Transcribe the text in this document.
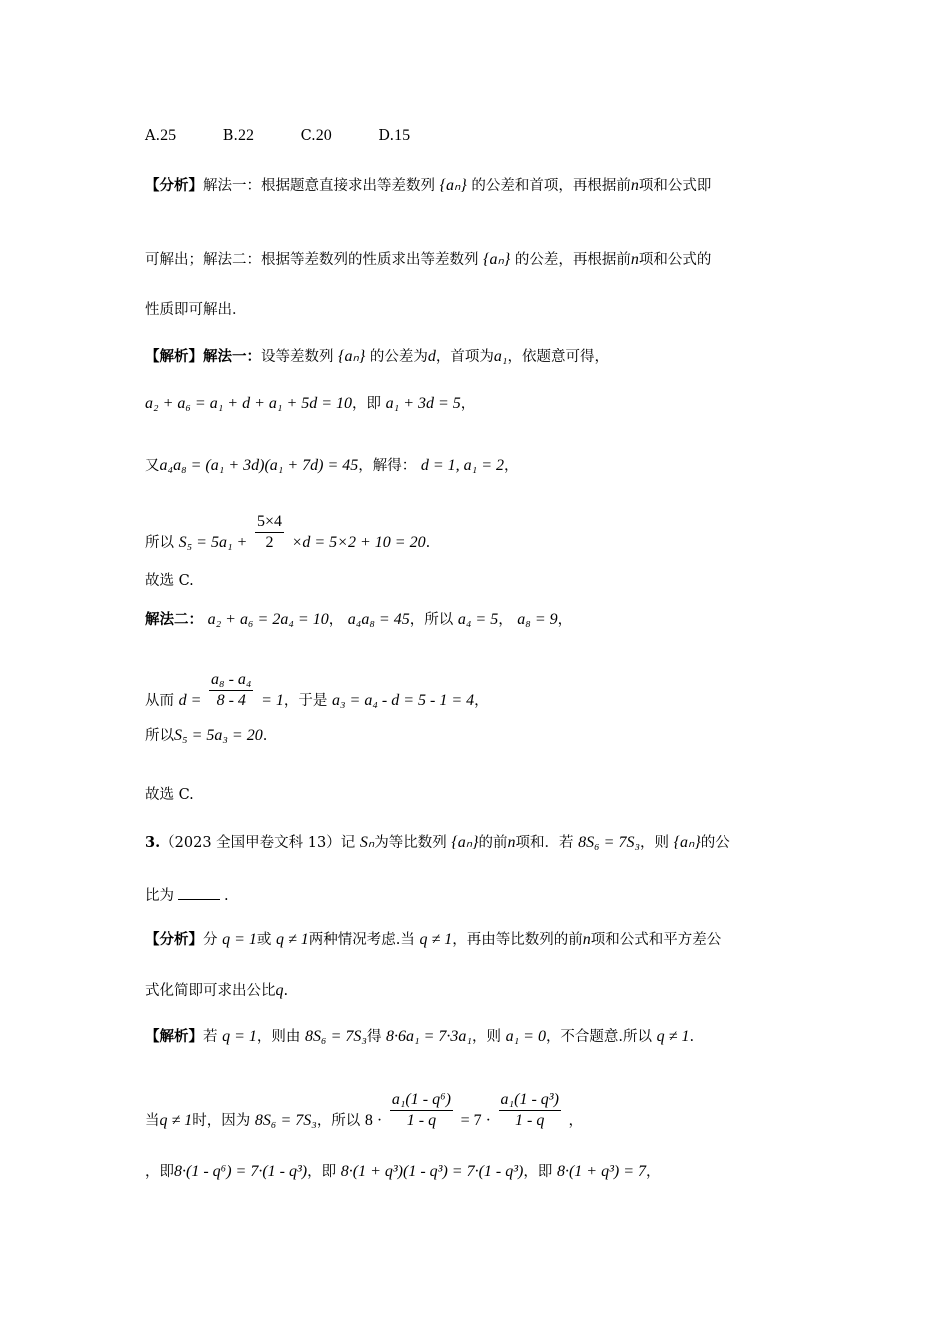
A.25	B.22	C.20	D.15
【分析】解法一：根据题意直接求出等差数列 {aₙ} 的公差和首项，再根据前n项和公式即
可解出；解法二：根据等差数列的性质求出等差数列 {aₙ} 的公差，再根据前n项和公式的
性质即可解出．
【解析】解法一：设等差数列 {aₙ} 的公差为d，首项为a₁，依题意可得，
a₂ + a₆ = a₁ + d + a₁ + 5d = 10，即 a₁ + 3d = 5，
又a₄a₈ = (a₁ + 3d)(a₁ + 7d) = 45，解得： d = 1, a₁ = 2，
所以 $S_5 = 5a_1 + \frac{5\times 4}{2} \times d = 5\times 2 + 10 = 20$.
故选 C.
解法二： a₂ + a₆ = 2a₄ = 10， a₄a₈ = 45，所以 a₄ = 5， a₈ = 9，
从而 $d = \frac{\text{a₈ - a₄}}{8 - 4} = 1$，于是 a₃ = a₄ - d = 5 - 1 = 4，
所以S₅ = 5a₃ = 20.
故选 C.
3.（2023 全国甲卷文科 13）记 Sₙ为等比数列 {aₙ}的前n项和．若 8S₆ = 7S₃，则 {aₙ}的公
比为	.
【分析】分 q = 1或 q ≠ 1两种情况考虑.当 q ≠ 1，再由等比数列的前n项和公式和平方差公
式化简即可求出公比q.
【解析】若 q = 1，则由 8S₆ = 7S₃得 8·6a₁ = 7·3a₁，则 a₁ = 0，不合题意.所以 q ≠ 1.
当q ≠ 1时，因为 8S₆ = 7S₃，所以 $8 \cdot \frac{\text{a₁(1 - q⁶)}}{1 - q} = 7 \cdot \frac{\text{a₁(1 - q³)}}{1 - q}$ ，
，即8·(1 - q⁶) = 7·(1 - q³)，即 8·(1 + q³)(1 - q³) = 7·(1 - q³)，即 8·(1 + q³) = 7，
